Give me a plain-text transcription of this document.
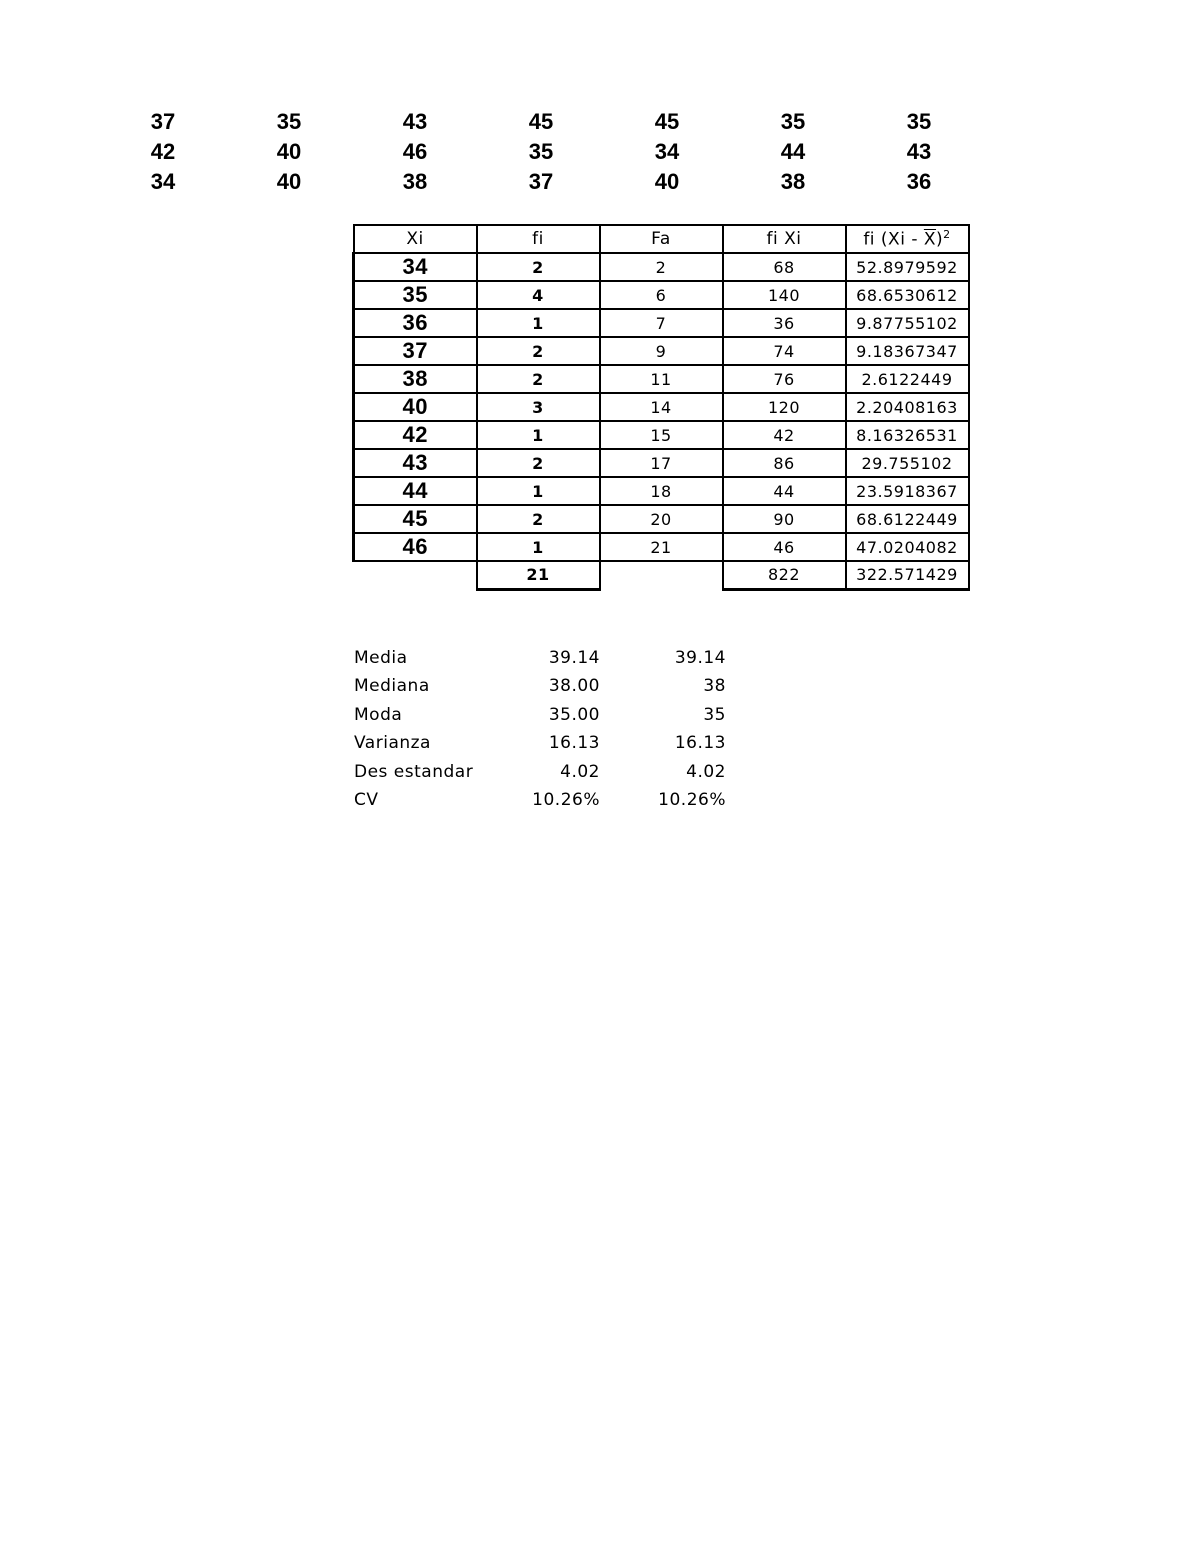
37	35	43	45	45	35	35
42	40	46	35	34	44	43
34	40	38	37	40	38	36
Xi	fi	Fa	fi Xi	fi $(Xi - \overline{X})^2$
34	2	2	68	52.8979592
35	4	6	140	68.6530612
36	1	7	36	9.87755102
37	2	9	74	9.18367347
38	2	11	76	2.6122449
40	3	14	120	2.20408163
42	1	15	42	8.16326531
43	2	17	86	29.755102
44	1	18	44	23.5918367
45	2	20	90	68.6122449
46	1	21	46	47.0204082
	21		822	322.571429
Media	39.14	39.14
Mediana	38.00	38
Moda	35.00	35
Varianza	16.13	16.13
Des estandar	4.02	4.02
CV	10.26%	10.26%
